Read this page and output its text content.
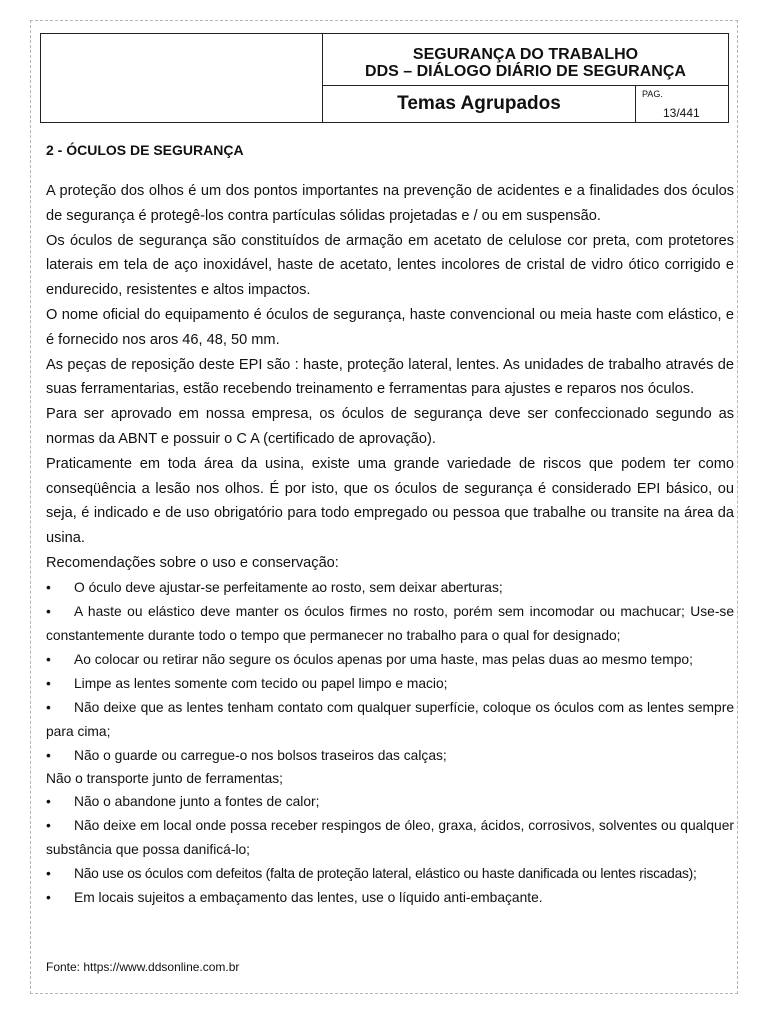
SEGURANÇA DO TRABALHO
DDS – DIÁLOGO DIÁRIO DE SEGURANÇA
Temas Agrupados	PAG.
13/441
2 - ÓCULOS DE SEGURANÇA

A proteção dos olhos é um dos pontos importantes na prevenção de acidentes e a finalidades dos óculos de segurança é protegê-los contra partículas sólidas projetadas e / ou em suspensão.

Os óculos de segurança são constituídos de armação em acetato de celulose cor preta, com protetores laterais em tela de aço inoxidável, haste de acetato, lentes incolores de cristal de vidro ótico corrigido e endurecido, resistentes e altos impactos.

O nome oficial do equipamento é óculos de segurança, haste convencional ou meia haste com elástico, e é fornecido nos aros 46, 48, 50 mm.

As peças de reposição deste EPI são : haste, proteção lateral, lentes. As unidades de trabalho através de suas ferramentarias, estão recebendo treinamento e ferramentas para ajustes e reparos nos óculos.

Para ser aprovado em nossa empresa, os óculos de segurança deve ser confeccionado segundo as normas da ABNT e possuir o C A (certificado de aprovação).

Praticamente em toda área da usina, existe uma grande variedade de riscos que podem ter como conseqüência a lesão nos olhos. É por isto, que os óculos de segurança é considerado EPI básico, ou seja, é indicado e de uso obrigatório para todo empregado ou pessoa que trabalhe ou transite na área da usina.

Recomendações sobre o uso e conservação:

•	O óculo deve ajustar-se perfeitamente ao rosto, sem deixar aberturas;
•	A haste ou elástico deve manter os óculos firmes no rosto, porém sem incomodar ou machucar; Use-se constantemente durante todo o tempo que permanecer no trabalho para o qual for designado;
•	Ao colocar ou retirar não segure os óculos apenas por uma haste, mas pelas duas ao mesmo tempo;
•	Limpe as lentes somente com tecido ou papel limpo e macio;
•	Não deixe que as lentes tenham contato com qualquer superfície, coloque os óculos com as lentes sempre para cima;
•	Não o guarde ou carregue-o nos bolsos traseiros das calças;
Não o transporte junto de ferramentas;
•	Não o abandone junto a fontes de calor;
•	Não deixe em local onde possa receber respingos de óleo, graxa, ácidos, corrosivos, solventes ou qualquer substância que possa danificá-lo;
•	Não use os óculos com defeitos (falta de proteção lateral, elástico ou haste danificada ou lentes riscadas);
•	Em locais sujeitos a embaçamento das lentes, use o líquido anti-embaçante.
Fonte: https://www.ddsonline.com.br
